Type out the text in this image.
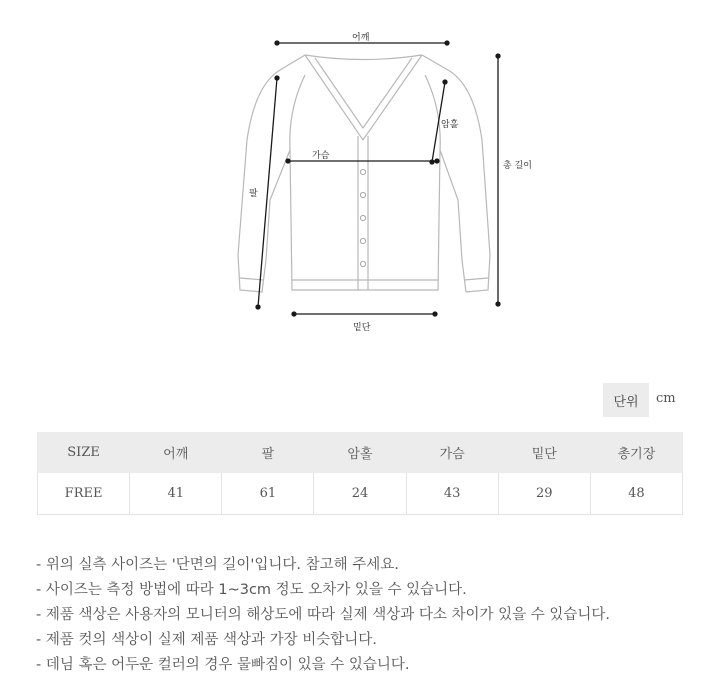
어깨
가슴
암홀
팔
총 길이
밑단
단위	cm
SIZE	어깨	팔	암홀	가슴	밑단	총기장
FREE	41	61	24	43	29	48
- 위의 실측 사이즈는 '단면의 길이'입니다. 참고해 주세요.
- 사이즈는 측정 방법에 따라 1~3cm 정도 오차가 있을 수 있습니다.
- 제품 색상은 사용자의 모니터의 해상도에 따라 실제 색상과 다소 차이가 있을 수 있습니다.
- 제품 컷의 색상이 실제 제품 색상과 가장 비슷합니다.
- 데님 혹은 어두운 컬러의 경우 물빠짐이 있을 수 있습니다.
